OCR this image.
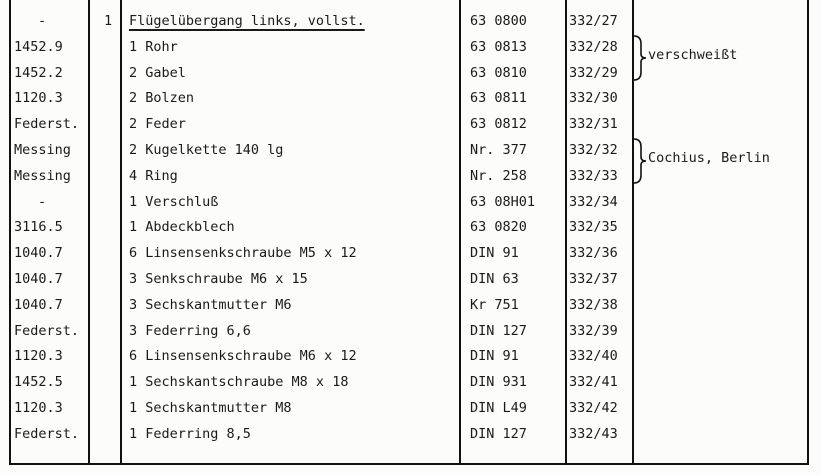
-	1 Flügelübergang links, vollst.	63 0800	332/27
1452.9	1 Rohr	63 0813	332/28
1452.2	2 Gabel	63 0810	332/29
1120.3	2 Bolzen	63 0811	332/30
Federst.	2 Feder	63 0812	332/31
Messing	2 Kugelkette 140 lg	Nr. 377	332/32
Messing	4 Ring	Nr. 258	332/33
-	1 Verschluß	63 08H01	332/34
3116.5	1 Abdeckblech	63 0820	332/35
1040.7	6 Linsensenkschraube M5 x 12	DIN 91	332/36
1040.7	3 Senkschraube M6 x 15	DIN 63	332/37
1040.7	3 Sechskantmutter M6	Kr 751	332/38
Federst.	3 Federring 6,6	DIN 127	332/39
1120.3	6 Linsensenkschraube M6 x 12	DIN 91	332/40
1452.5	1 Sechskantschraube M8 x 18	DIN 931	332/41
1120.3	1 Sechskantmutter M8	DIN L49	332/42
Federst.	1 Federring 8,5	DIN 127	332/43
verschweißt
Cochius, Berlin
